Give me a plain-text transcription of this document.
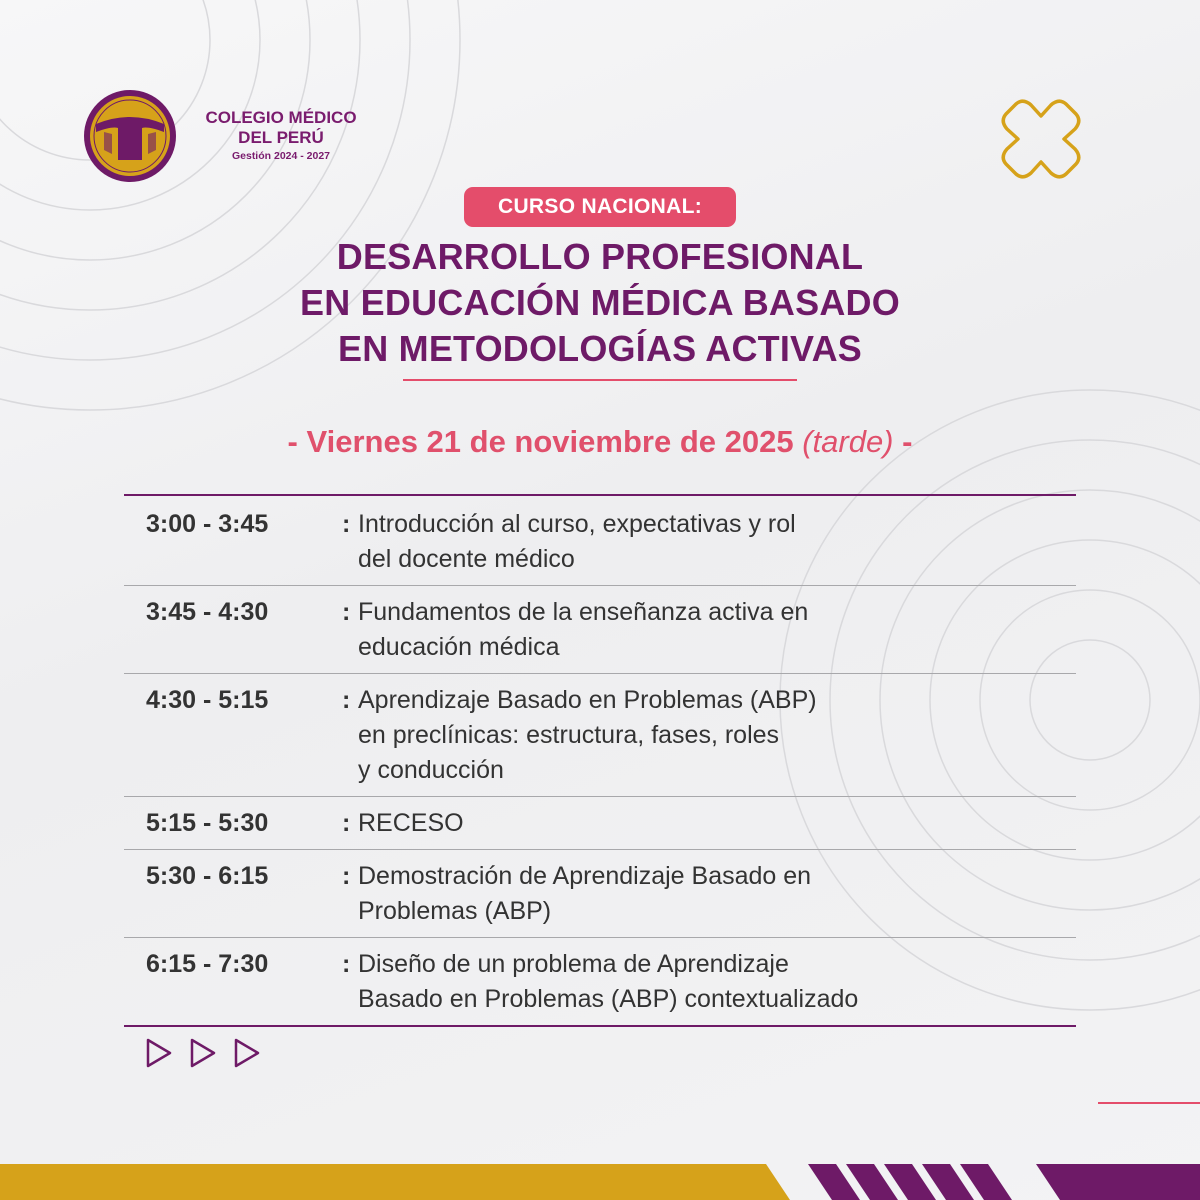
COLEGIO MÉDICO
DEL PERÚ
Gestión 2024 - 2027
CURSO NACIONAL:
DESARROLLO PROFESIONAL
EN EDUCACIÓN MÉDICA BASADO
EN METODOLOGÍAS ACTIVAS
- Viernes 21 de noviembre de 2025 (tarde) -
3:00 - 3:45	: Introducción al curso, expectativas y rol
del docente médico
3:45 - 4:30	: Fundamentos de la enseñanza activa en
educación médica
4:30 - 5:15	: Aprendizaje Basado en Problemas (ABP)
en preclínicas: estructura, fases, roles
y conducción
5:15 - 5:30	: RECESO
5:30 - 6:15	: Demostración de Aprendizaje Basado en
Problemas (ABP)
6:15 - 7:30	: Diseño de un problema de Aprendizaje
Basado en Problemas (ABP) contextualizado
